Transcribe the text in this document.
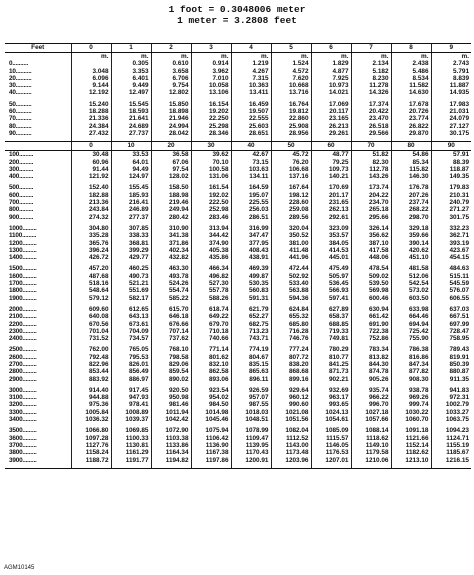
1 foot = 0.3048006 meter
1 meter = 3.2808 feet
Feet	0	1	2	3	4	5	6	7	8	9
	m.	m.	m.	m.	m.	m.	m.	m.	m.	m.
0..........		0.305	0.610	0.914	1.219	1.524	1.829	2.134	2.438	2.743
10..........	3.048	3.353	3.658	3.962	4.267	4.572	4.877	5.182	5.486	5.791
20..........	6.096	6.401	6.706	7.010	7.315	7.620	7.925	8.230	8.534	8.839
30..........	9.144	9.449	9.754	10.058	10.363	10.668	10.973	11.278	11.582	11.887
40..........	12.192	12.497	12.802	13.106	13.411	13.716	14.021	14.326	14.630	14.935

50..........	15.240	15.545	15.850	16.154	16.459	16.764	17.069	17.374	17.678	17.983
60..........	18.288	18.593	18.898	19.202	19.507	19.812	20.117	20.422	20.726	21.031
70..........	21.336	21.641	21.946	22.250	22.555	22.860	23.165	23.470	23.774	24.079
80..........	24.384	24.689	24.994	25.298	25.603	25.908	26.213	26.518	26.822	27.127
90..........	27.432	27.737	28.042	28.346	28.651	28.956	29.261	29.566	29.870	30.175

	0	10	20	30	40	50	60	70	80	90
100.........	30.48	33.53	36.58	39.62	42.67	45.72	48.77	51.82	54.86	57.91
200.........	60.96	64.01	67.06	70.10	73.15	76.20	79.25	82.30	85.34	88.39
300.........	91.44	94.49	97.54	100.58	103.63	106.68	109.73	112.78	115.82	118.87
400.........	121.92	124.97	128.02	131.06	134.11	137.16	140.21	143.26	146.30	149.35

500.........	152.40	155.45	158.50	161.54	164.59	167.64	170.69	173.74	176.78	179.83
600.........	182.88	185.93	188.98	192.02	195.07	198.12	201.17	204.22	207.26	210.31
700.........	213.36	216.41	219.46	222.50	225.55	228.60	231.65	234.70	237.74	240.79
800.........	243.84	246.89	249.94	252.98	256.03	259.08	262.13	265.18	268.22	271.27
900.........	274.32	277.37	280.42	283.46	286.51	289.56	292.61	295.66	298.70	301.75

1000.........	304.80	307.85	310.90	313.94	316.99	320.04	323.09	326.14	329.18	332.23
1100.........	335.28	338.33	341.38	344.42	347.47	350.52	353.57	356.62	359.66	362.71
1200.........	365.76	368.81	371.86	374.90	377.95	381.00	384.05	387.10	390.14	393.19
1300.........	396.24	399.29	402.34	405.38	408.43	411.48	414.53	417.58	420.62	423.67
1400.........	426.72	429.77	432.82	435.86	438.91	441.96	445.01	448.06	451.10	454.15

1500.........	457.20	460.25	463.30	466.34	469.39	472.44	475.49	478.54	481.58	484.63
1600.........	487.68	490.73	493.78	496.82	499.87	502.92	505.97	509.02	512.06	515.11
1700.........	518.16	521.21	524.26	527.30	530.35	533.40	536.45	539.50	542.54	545.59
1800.........	548.64	551.69	554.74	557.78	560.83	563.88	566.93	569.98	573.02	576.07
1900.........	579.12	582.17	585.22	588.26	591.31	594.36	597.41	600.46	603.50	606.55

2000.........	609.60	612.65	615.70	618.74	621.79	624.84	627.89	630.94	633.98	637.03
2100.........	640.08	643.13	646.18	649.22	652.27	655.32	658.37	661.42	664.46	667.51
2200.........	670.56	673.61	676.66	679.70	682.75	685.80	688.85	691.90	694.94	697.99
2300.........	701.04	704.09	707.14	710.18	713.23	716.28	719.33	722.38	725.42	728.47
2400.........	731.52	734.57	737.62	740.66	743.71	746.76	749.81	752.86	755.90	758.95

2500.........	762.00	765.05	768.10	771.14	774.19	777.24	780.29	783.34	786.38	789.43
2600.........	792.48	795.53	798.58	801.62	804.67	807.72	810.77	813.82	816.86	819.91
2700.........	822.96	826.01	829.06	832.10	835.15	838.20	841.25	844.30	847.34	850.39
2800.........	853.44	856.49	859.54	862.58	865.63	868.68	871.73	874.78	877.82	880.87
2900.........	883.92	886.97	890.02	893.06	896.11	899.16	902.21	905.26	908.30	911.35

3000.........	914.40	917.45	920.50	923.54	926.59	929.64	932.69	935.74	938.78	941.83
3100.........	944.88	947.93	950.98	954.02	957.07	960.12	963.17	966.22	969.26	972.31
3200.........	975.36	978.41	981.46	984.50	987.55	990.60	993.65	996.70	999.74	1002.79
3300.........	1005.84	1008.89	1011.94	1014.98	1018.03	1021.08	1024.13	1027.18	1030.22	1033.27
3400.........	1036.32	1039.37	1042.42	1045.46	1048.51	1051.56	1054.61	1057.66	1060.70	1063.75

3500.........	1066.80	1069.85	1072.90	1075.94	1078.99	1082.04	1085.09	1088.14	1091.18	1094.23
3600.........	1097.28	1100.33	1103.38	1106.42	1109.47	1112.52	1115.57	1118.62	1121.66	1124.71
3700.........	1127.76	1130.81	1133.86	1136.90	1139.95	1143.00	1146.05	1149.10	1152.14	1155.19
3800.........	1158.24	1161.29	1164.34	1167.38	1170.43	1173.48	1176.53	1179.58	1182.62	1185.67
3900.........	1188.72	1191.77	1194.82	1197.86	1200.91	1203.96	1207.01	1210.06	1213.10	1216.15

AGM10145
